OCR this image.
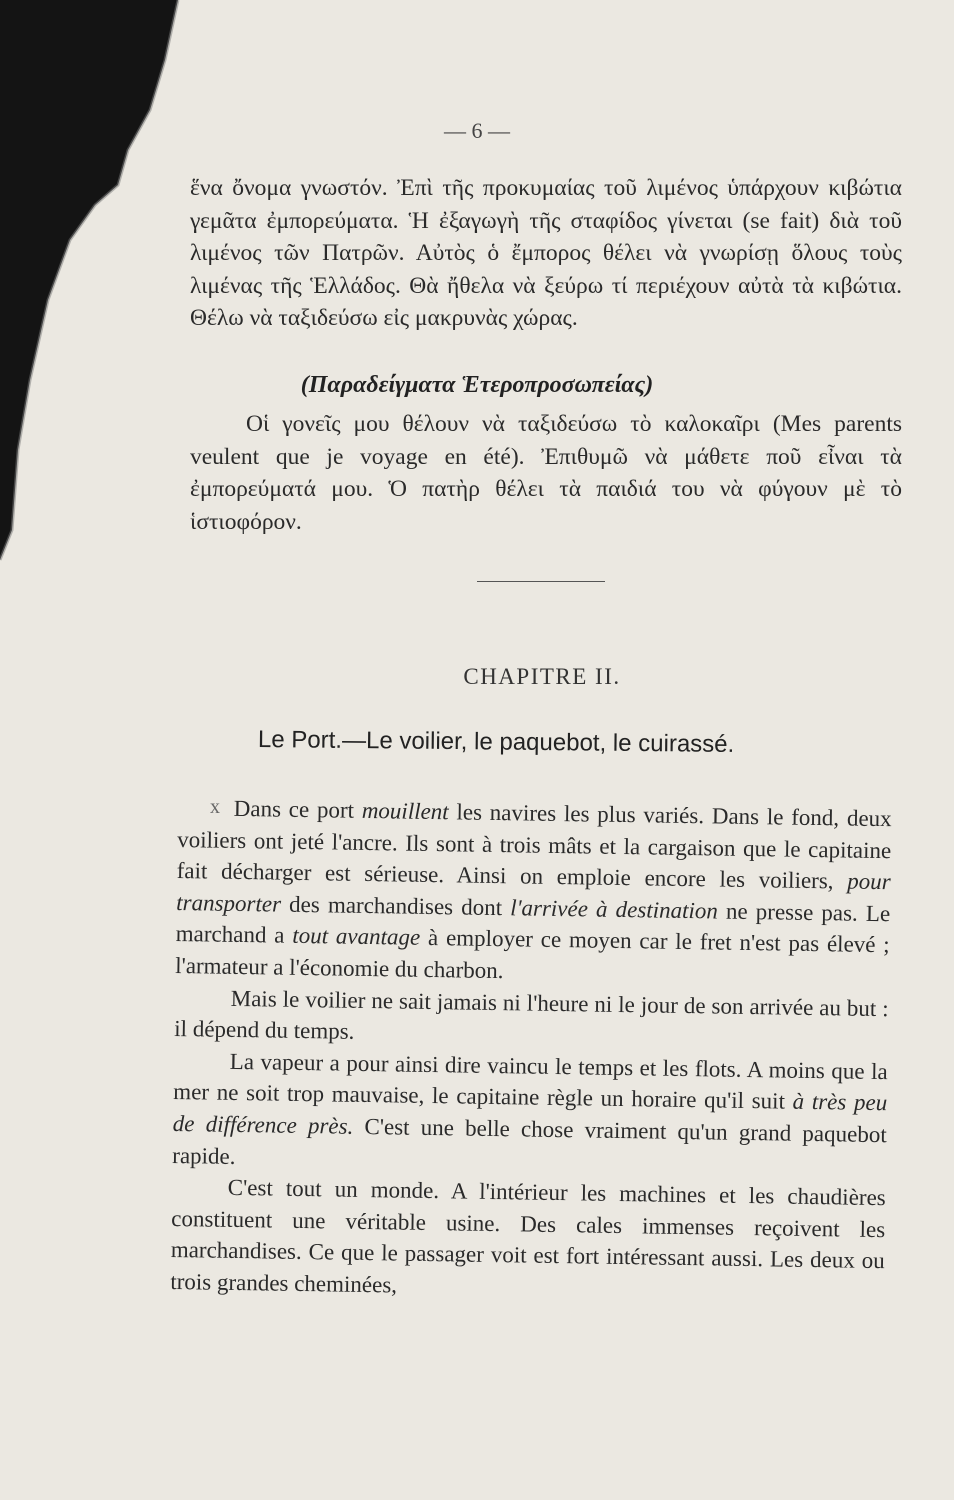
— 6 —

ἕνα ὄνομα γνωστόν. Ἐπὶ τῆς προκυμαίας τοῦ λιμένος ὑπάρχουν κιβώτια γεμᾶτα ἐμπορεύματα. Ἡ ἐξαγωγὴ τῆς σταφίδος γίνεται (se fait) διὰ τοῦ λιμένος τῶν Πατρῶν. Αὐτὸς ὁ ἔμπορος θέλει νὰ γνωρίσῃ ὅλους τοὺς λιμένας τῆς Ἑλλάδος. Θὰ ἤθελα νὰ ξεύρω τί περιέχουν αὐτὰ τὰ κιβώτια. Θέλω νὰ ταξιδεύσω εἰς μακρυνὰς χώρας.

(Παραδείγματα Ἑτεροπροσωπείας)

Οἱ γονεῖς μου θέλουν νὰ ταξιδεύσω τὸ καλοκαῖρι (Mes parents veulent que je voyage en été). Ἐπιθυμῶ νὰ μάθετε ποῦ εἶναι τὰ ἐμπορεύματά μου. Ὁ πατὴρ θέλει τὰ παιδιά του νὰ φύγουν μὲ τὸ ἱστιοφόρον.

CHAPITRE II.
Le Port.—Le voilier, le paquebot, le cuirassé.
x Dans ce port mouillent les navires les plus variés. Dans le fond, deux voiliers ont jeté l'ancre. Ils sont à trois mâts et la cargaison que le capitaine fait décharger est sérieuse. Ainsi on emploie encore les voiliers, pour transporter des marchandises dont l'arrivée à destination ne presse pas. Le marchand a tout avantage à employer ce moyen car le fret n'est pas élevé ; l'armateur a l'économie du charbon.

Mais le voilier ne sait jamais ni l'heure ni le jour de son arrivée au but : il dépend du temps.

La vapeur a pour ainsi dire vaincu le temps et les flots. A moins que la mer ne soit trop mauvaise, le capitaine règle un horaire qu'il suit à très peu de différence près. C'est une belle chose vraiment qu'un grand paquebot rapide.

C'est tout un monde. A l'intérieur les machines et les chaudières constituent une véritable usine. Des cales immenses reçoivent les marchandises. Ce que le passager voit est fort intéressant aussi. Les deux ou trois grandes cheminées,
